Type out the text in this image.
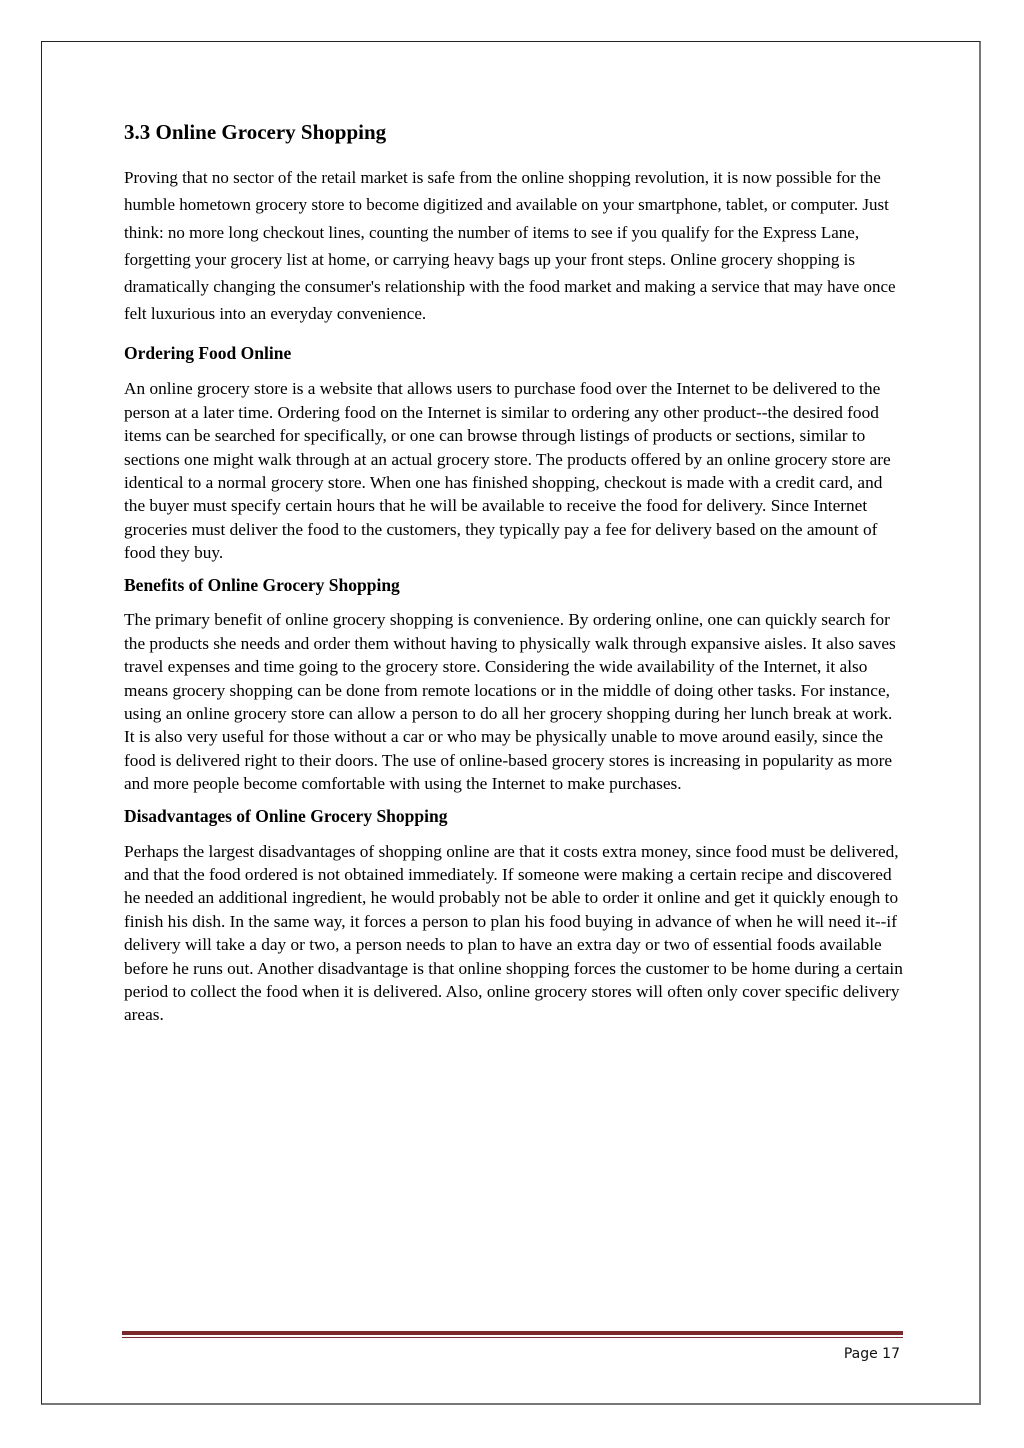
3.3 Online Grocery Shopping

Proving that no sector of the retail market is safe from the online shopping revolution, it is now possible for the humble hometown grocery store to become digitized and available on your smartphone, tablet, or computer. Just think: no more long checkout lines, counting the number of items to see if you qualify for the Express Lane, forgetting your grocery list at home, or carrying heavy bags up your front steps. Online grocery shopping is dramatically changing the consumer's relationship with the food market and making a service that may have once felt luxurious into an everyday convenience.

Ordering Food Online

An online grocery store is a website that allows users to purchase food over the Internet to be delivered to the person at a later time. Ordering food on the Internet is similar to ordering any other product--the desired food items can be searched for specifically, or one can browse through listings of products or sections, similar to sections one might walk through at an actual grocery store. The products offered by an online grocery store are identical to a normal grocery store. When one has finished shopping, checkout is made with a credit card, and the buyer must specify certain hours that he will be available to receive the food for delivery. Since Internet groceries must deliver the food to the customers, they typically pay a fee for delivery based on the amount of food they buy.

Benefits of Online Grocery Shopping

The primary benefit of online grocery shopping is convenience. By ordering online, one can quickly search for the products she needs and order them without having to physically walk through expansive aisles. It also saves travel expenses and time going to the grocery store. Considering the wide availability of the Internet, it also means grocery shopping can be done from remote locations or in the middle of doing other tasks. For instance, using an online grocery store can allow a person to do all her grocery shopping during her lunch break at work. It is also very useful for those without a car or who may be physically unable to move around easily, since the food is delivered right to their doors. The use of online-based grocery stores is increasing in popularity as more and more people become comfortable with using the Internet to make purchases.

Disadvantages of Online Grocery Shopping

Perhaps the largest disadvantages of shopping online are that it costs extra money, since food must be delivered, and that the food ordered is not obtained immediately. If someone were making a certain recipe and discovered he needed an additional ingredient, he would probably not be able to order it online and get it quickly enough to finish his dish. In the same way, it forces a person to plan his food buying in advance of when he will need it--if delivery will take a day or two, a person needs to plan to have an extra day or two of essential foods available before he runs out. Another disadvantage is that online shopping forces the customer to be home during a certain period to collect the food when it is delivered. Also, online grocery stores will often only cover specific delivery areas.

Page 17
